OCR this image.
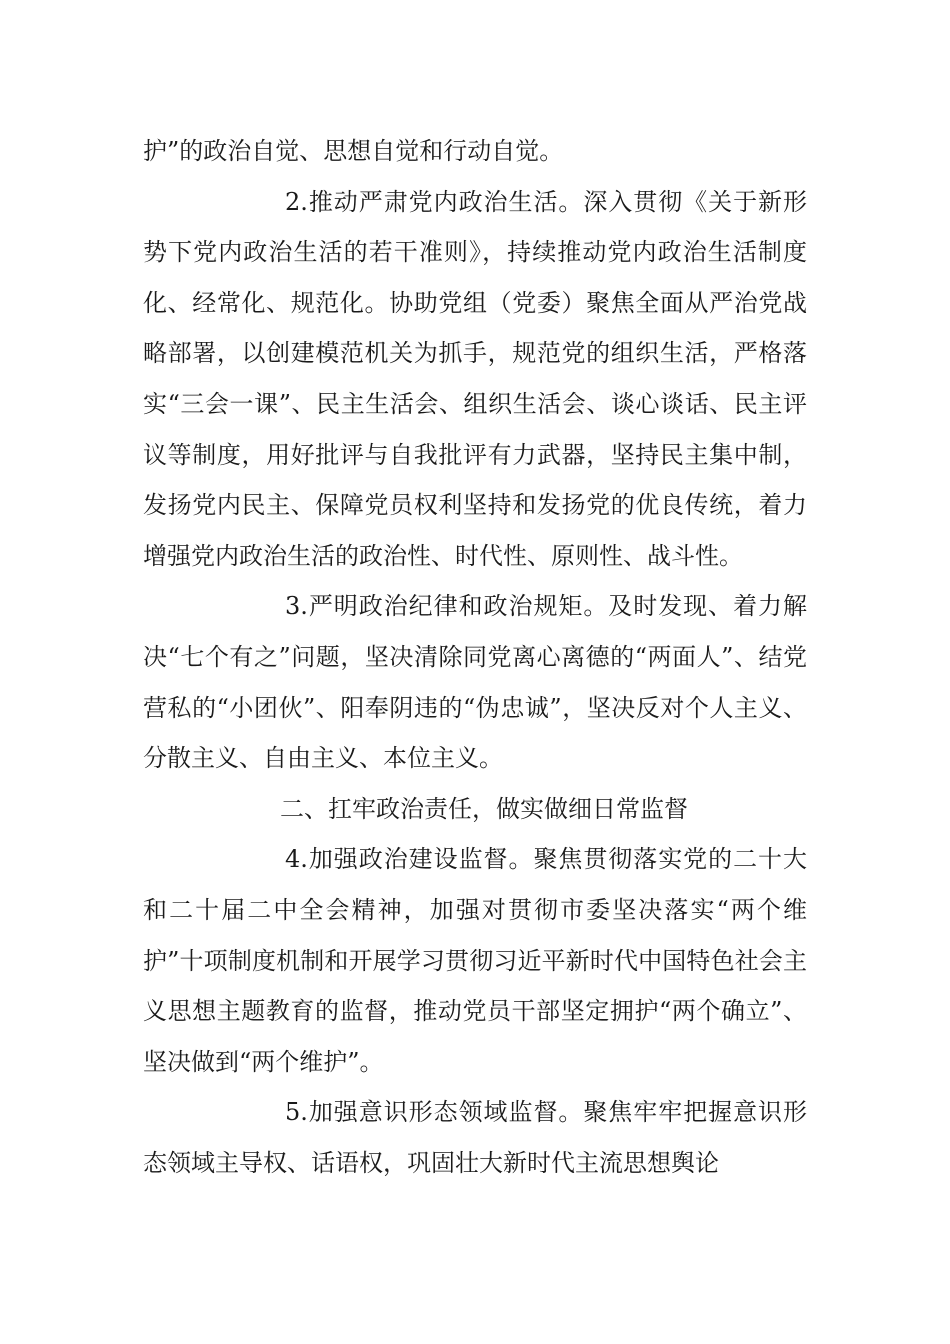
护”的政治自觉、思想自觉和行动自觉。

2.推动严肃党内政治生活。深入贯彻《关于新形势下党内政治生活的若干准则》，持续推动党内政治生活制度化、经常化、规范化。协助党组（党委）聚焦全面从严治党战略部署，以创建模范机关为抓手，规范党的组织生活，严格落实“三会一课”、民主生活会、组织生活会、谈心谈话、民主评议等制度，用好批评与自我批评有力武器，坚持民主集中制，发扬党内民主、保障党员权利坚持和发扬党的优良传统，着力增强党内政治生活的政治性、时代性、原则性、战斗性。

3.严明政治纪律和政治规矩。及时发现、着力解决“七个有之”问题，坚决清除同党离心离德的“两面人”、结党营私的“小团伙”、阳奉阴违的“伪忠诚”，坚决反对个人主义、分散主义、自由主义、本位主义。

二、扛牢政治责任，做实做细日常监督

4.加强政治建设监督。聚焦贯彻落实党的二十大和二十届二中全会精神，加强对贯彻市委坚决落实“两个维护”十项制度机制和开展学习贯彻习近平新时代中国特色社会主义思想主题教育的监督，推动党员干部坚定拥护“两个确立”、坚决做到“两个维护”。

5.加强意识形态领域监督。聚焦牢牢把握意识形态领域主导权、话语权，巩固壮大新时代主流思想舆论
